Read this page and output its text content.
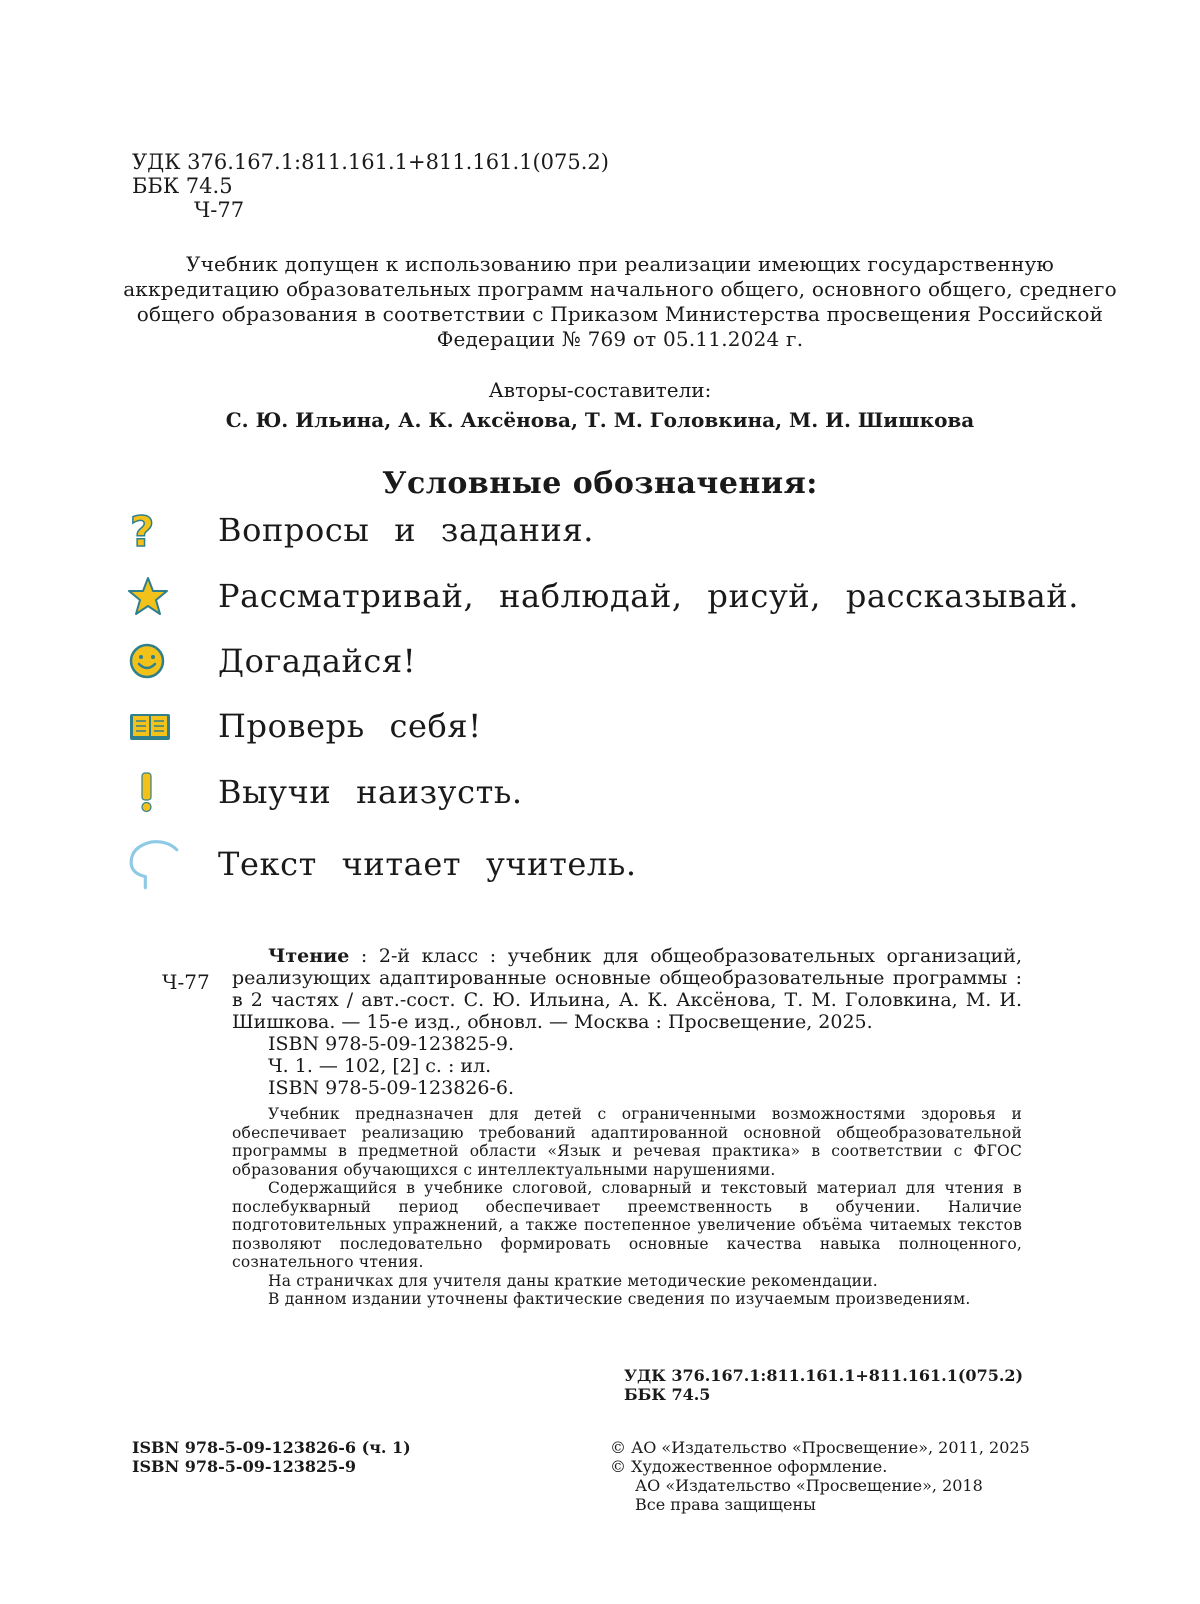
УДК 376.167.1:811.161.1+811.161.1(075.2)
ББК 74.5
Ч-77
Учебник допущен к использованию при реализации имеющих государственную аккредитацию образовательных программ начального общего, основного общего, среднего общего образования в соответствии с Приказом Министерства просвещения Российской Федерации № 769 от 05.11.2024 г.
Авторы-составители:
С. Ю. Ильина, А. К. Аксёнова, Т. М. Головкина, М. И. Шишкова
Условные обозначения:
? Вопросы и задания.
Рассматривай, наблюдай, рисуй, рассказывай.
Догадайся!
Проверь себя!
Выучи наизусть.
Текст читает учитель.
Ч-77

Чтение : 2-й класс : учебник для общеобразовательных организаций, реализующих адаптированные основные общеобразовательные программы : в 2 частях / авт.-сост. С. Ю. Ильина, А. К. Аксёнова, Т. М. Головкина, М. И. Шишкова. — 15-е изд., обновл. — Москва : Просвещение, 2025.

ISBN 978-5-09-123825-9.

Ч. 1. — 102, [2] с. : ил.

ISBN 978-5-09-123826-6.

Учебник предназначен для детей с ограниченными возможностями здоровья и обеспечивает реализацию требований адаптированной основной общеобразовательной программы в предметной области «Язык и речевая практика» в соответствии с ФГОС образования обучающихся с интеллектуальными нарушениями.

Содержащийся в учебнике слоговой, словарный и текстовый материал для чтения в послебукварный период обеспечивает преемственность в обучении. Наличие подготовительных упражнений, а также постепенное увеличение объёма читаемых текстов позволяют последовательно формировать основные качества навыка полноценного, сознательного чтения.

На страничках для учителя даны краткие методические рекомендации.

В данном издании уточнены фактические сведения по изучаемым произведениям.

УДК 376.167.1:811.161.1+811.161.1(075.2)
ББК 74.5
ISBN 978-5-09-123826-6 (ч. 1)
ISBN 978-5-09-123825-9
© АО «Издательство «Просвещение», 2011, 2025
© Художественное оформление.
АО «Издательство «Просвещение», 2018
Все права защищены
